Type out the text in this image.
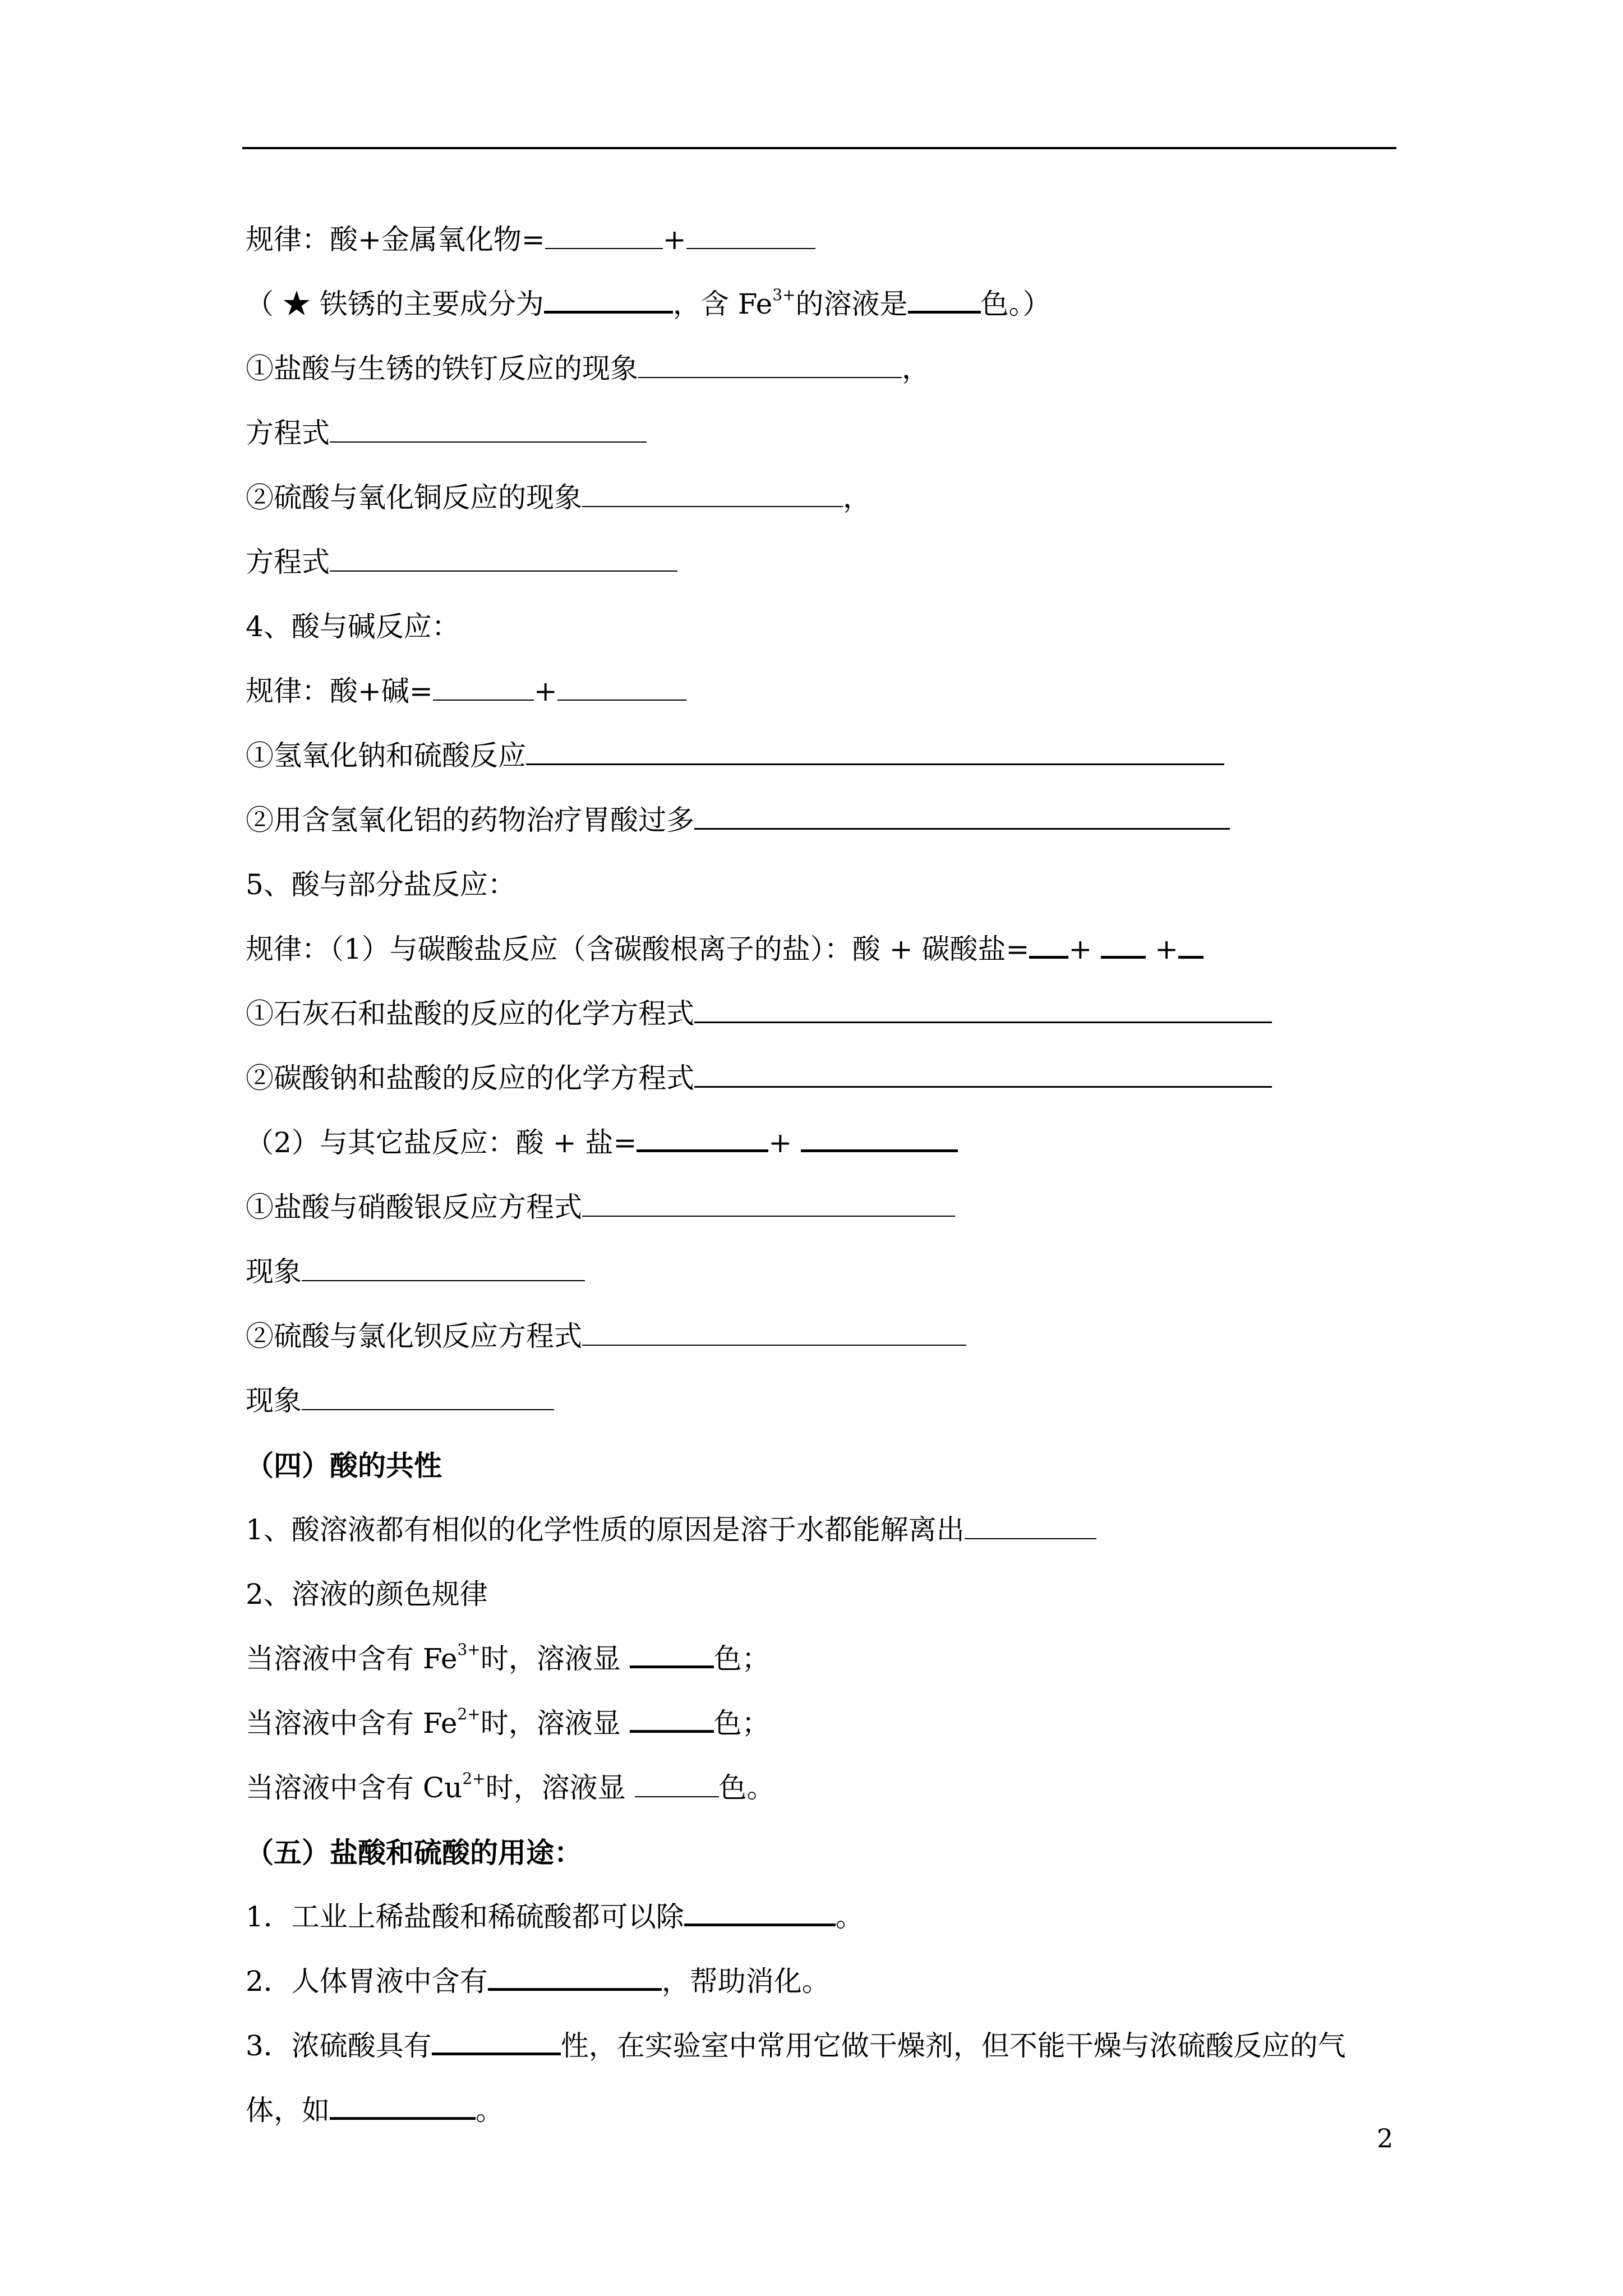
规律：酸+金属氧化物=	+
（ ★ 铁锈的主要成分为	，含 $Fe^{3+}$的溶液是	色。）
①盐酸与生锈的铁钉反应的现象	，
方程式
②硫酸与氧化铜反应的现象	，
方程式
4、酸与碱反应：
规律：酸+碱=	+
①氢氧化钠和硫酸反应
②用含氢氧化铝的药物治疗胃酸过多
5、酸与部分盐反应：
规律：（1）与碳酸盐反应（含碳酸根离子的盐）：酸 + 碳酸盐= + +
①石灰石和盐酸的反应的化学方程式
②碳酸钠和盐酸的反应的化学方程式
（2）与其它盐反应：酸 + 盐=	+
①盐酸与硝酸银反应方程式
现象
②硫酸与氯化钡反应方程式
现象
（四）酸的共性
1、酸溶液都有相似的化学性质的原因是溶于水都能解离出
2、溶液的颜色规律
当溶液中含有 $Fe^{3+}$时，溶液显	色；
当溶液中含有 $Fe^{2+}$时，溶液显	色；
当溶液中含有 $Cu^{2+}$时，溶液显	色。
（五）盐酸和硫酸的用途：
1．工业上稀盐酸和稀硫酸都可以除	。
2．人体胃液中含有	，帮助消化。
3．浓硫酸具有	性，在实验室中常用它做干燥剂，但不能干燥与浓硫酸反应的气体，如	。
2
